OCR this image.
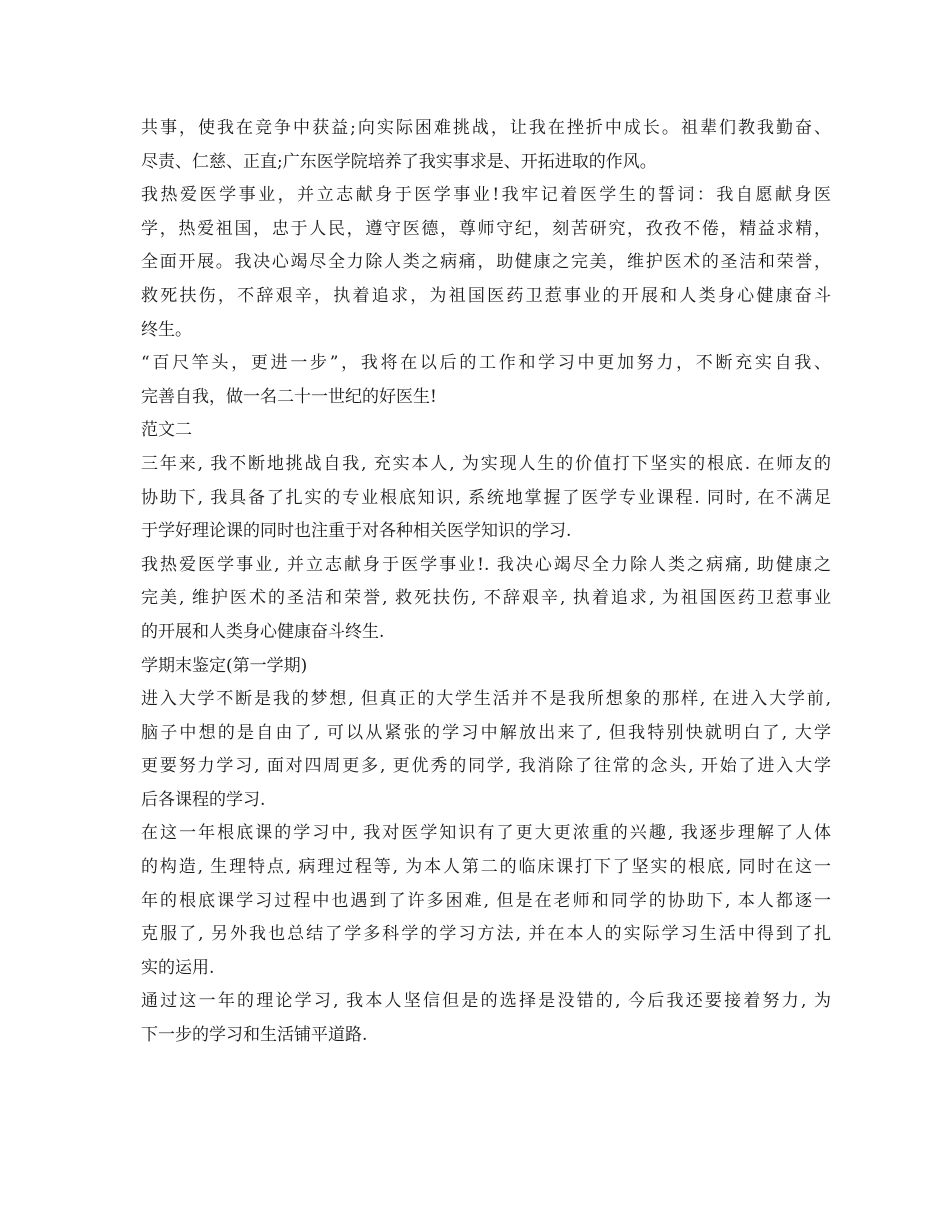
共事，使我在竞争中获益;向实际困难挑战，让我在挫折中成长。祖辈们教我勤奋、
尽责、仁慈、正直;广东医学院培养了我实事求是、开拓进取的作风。
我热爱医学事业，并立志献身于医学事业!我牢记着医学生的誓词：我自愿献身医
学，热爱祖国，忠于人民，遵守医德，尊师守纪，刻苦研究，孜孜不倦，精益求精，
全面开展。我决心竭尽全力除人类之病痛，助健康之完美，维护医术的圣洁和荣誉，
救死扶伤，不辞艰辛，执着追求，为祖国医药卫惹事业的开展和人类身心健康奋斗
终生。
“百尺竿头，更进一步”，我将在以后的工作和学习中更加努力，不断充实自我、
完善自我，做一名二十一世纪的好医生!
范文二
三年来, 我不断地挑战自我, 充实本人, 为实现人生的价值打下坚实的根底. 在师友的
协助下, 我具备了扎实的专业根底知识, 系统地掌握了医学专业课程. 同时, 在不满足
于学好理论课的同时也注重于对各种相关医学知识的学习.
我热爱医学事业, 并立志献身于医学事业!. 我决心竭尽全力除人类之病痛, 助健康之
完美, 维护医术的圣洁和荣誉, 救死扶伤, 不辞艰辛, 执着追求, 为祖国医药卫惹事业
的开展和人类身心健康奋斗终生.
学期末鉴定(第一学期)
进入大学不断是我的梦想, 但真正的大学生活并不是我所想象的那样, 在进入大学前,
脑子中想的是自由了, 可以从紧张的学习中解放出来了, 但我特别快就明白了, 大学
更要努力学习, 面对四周更多, 更优秀的同学, 我消除了往常的念头, 开始了进入大学
后各课程的学习.
在这一年根底课的学习中, 我对医学知识有了更大更浓重的兴趣, 我逐步理解了人体
的构造, 生理特点, 病理过程等, 为本人第二的临床课打下了坚实的根底, 同时在这一
年的根底课学习过程中也遇到了许多困难, 但是在老师和同学的协助下, 本人都逐一
克服了, 另外我也总结了学多科学的学习方法, 并在本人的实际学习生活中得到了扎
实的运用.
通过这一年的理论学习, 我本人坚信但是的选择是没错的, 今后我还要接着努力, 为
下一步的学习和生活铺平道路.
